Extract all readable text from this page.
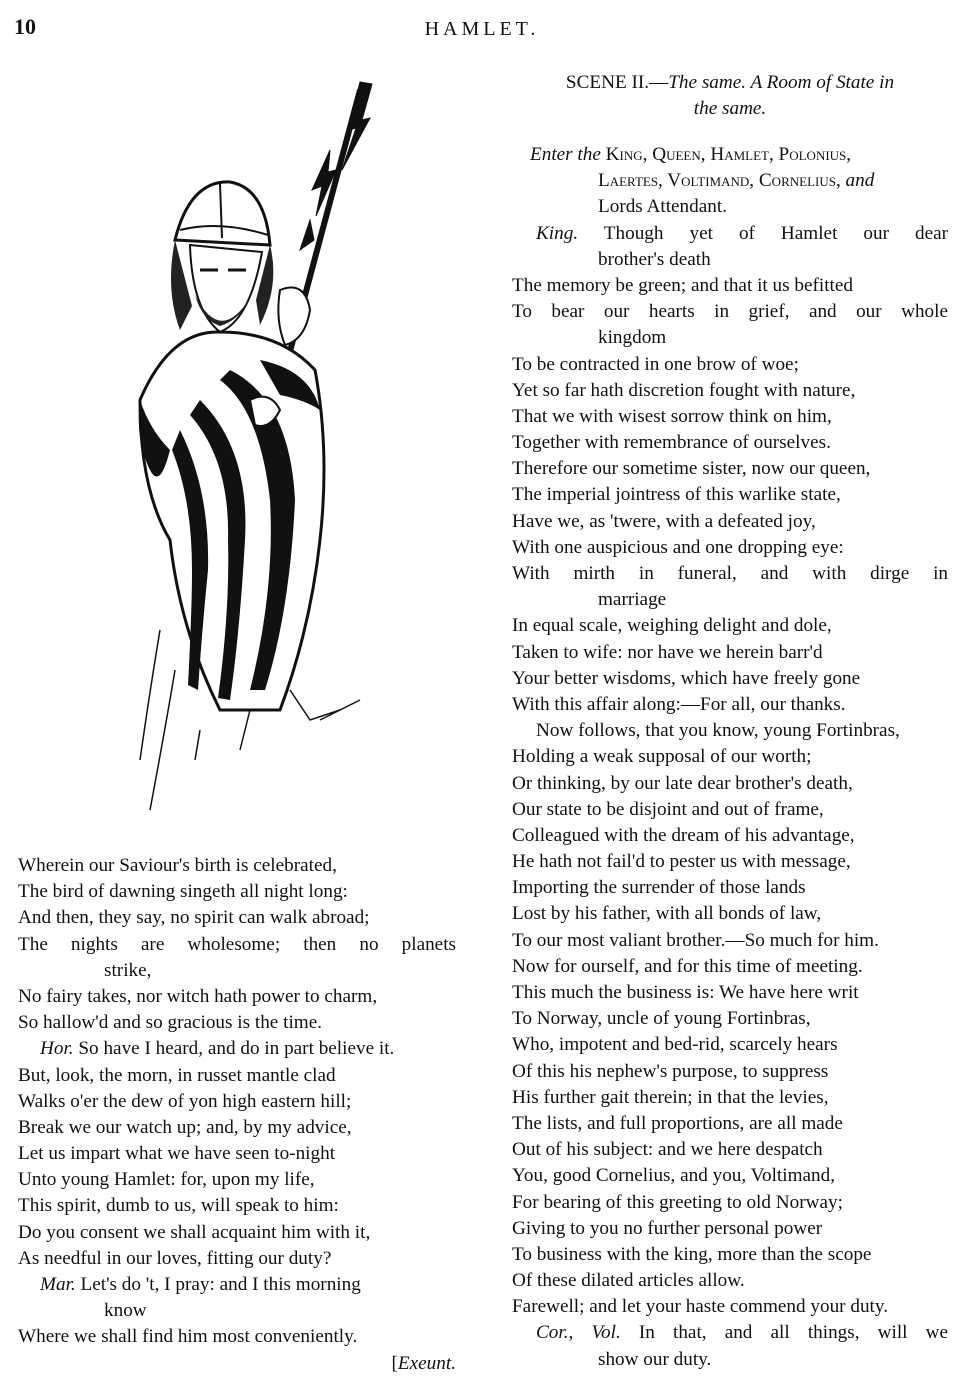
10	HAMLET.
Wherein our Saviour's birth is celebrated,
The bird of dawning singeth all night long:
And then, they say, no spirit can walk abroad;
The nights are wholesome; then no planets
strike,
No fairy takes, nor witch hath power to charm,
So hallow'd and so gracious is the time.
Hor. So have I heard, and do in part believe it.
But, look, the morn, in russet mantle clad
Walks o'er the dew of yon high eastern hill;
Break we our watch up; and, by my advice,
Let us impart what we have seen to-night
Unto young Hamlet: for, upon my life,
This spirit, dumb to us, will speak to him:
Do you consent we shall acquaint him with it,
As needful in our loves, fitting our duty?
Mar. Let's do 't, I pray: and I this morning
know
Where we shall find him most conveniently.
[Exeunt.
SCENE II.—The same. A Room of State in
the same.
Enter the King, Queen, Hamlet, Polonius,
Laertes, Voltimand, Cornelius, and
Lords Attendant.
King. Though yet of Hamlet our dear
brother's death
The memory be green; and that it us befitted
To bear our hearts in grief, and our whole
kingdom
To be contracted in one brow of woe;
Yet so far hath discretion fought with nature,
That we with wisest sorrow think on him,
Together with remembrance of ourselves.
Therefore our sometime sister, now our queen,
The imperial jointress of this warlike state,
Have we, as 'twere, with a defeated joy,
With one auspicious and one dropping eye:
With mirth in funeral, and with dirge in
marriage
In equal scale, weighing delight and dole,
Taken to wife: nor have we herein barr'd
Your better wisdoms, which have freely gone
With this affair along:—For all, our thanks.
Now follows, that you know, young Fortinbras,
Holding a weak supposal of our worth;
Or thinking, by our late dear brother's death,
Our state to be disjoint and out of frame,
Colleagued with the dream of his advantage,
He hath not fail'd to pester us with message,
Importing the surrender of those lands
Lost by his father, with all bonds of law,
To our most valiant brother.—So much for him.
Now for ourself, and for this time of meeting.
This much the business is: We have here writ
To Norway, uncle of young Fortinbras,
Who, impotent and bed-rid, scarcely hears
Of this his nephew's purpose, to suppress
His further gait therein; in that the levies,
The lists, and full proportions, are all made
Out of his subject: and we here despatch
You, good Cornelius, and you, Voltimand,
For bearing of this greeting to old Norway;
Giving to you no further personal power
To business with the king, more than the scope
Of these dilated articles allow.
Farewell; and let your haste commend your duty.
Cor., Vol. In that, and all things, will we
show our duty.
